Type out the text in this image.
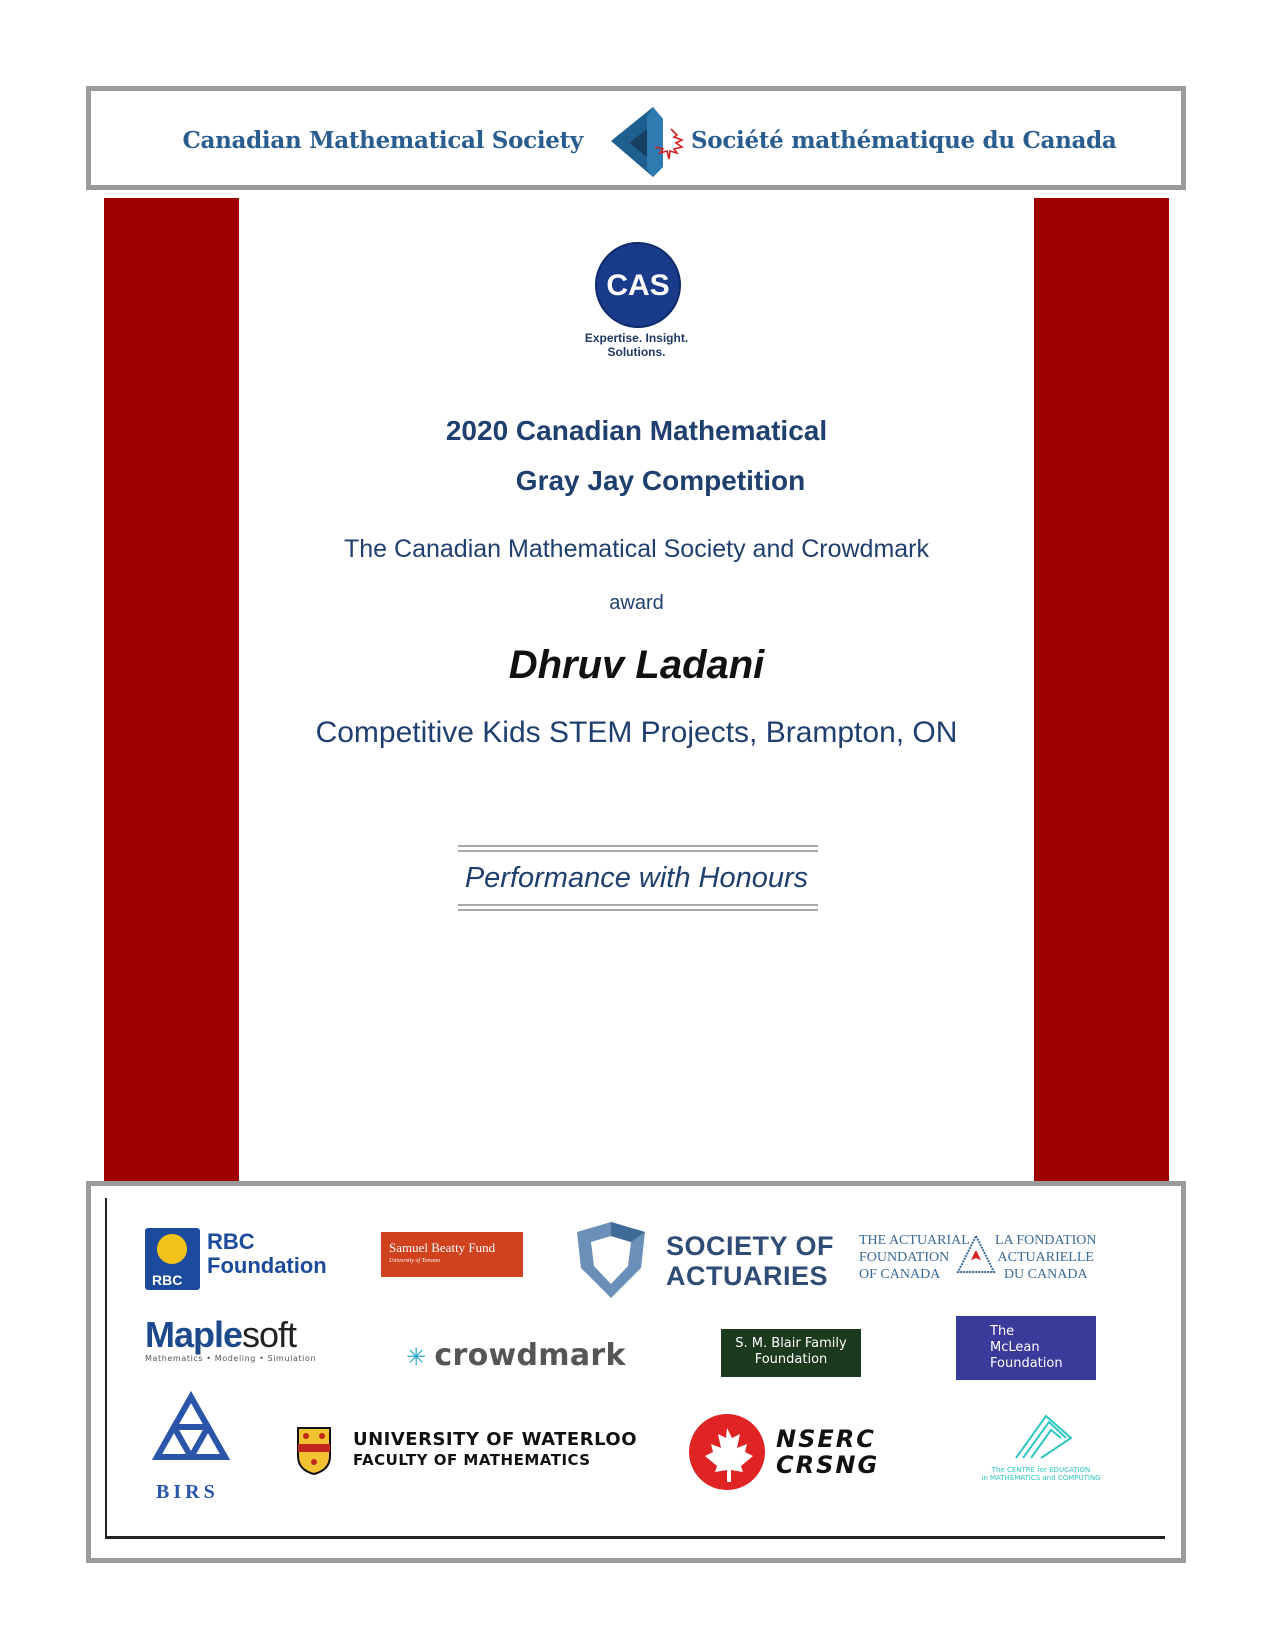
Canadian Mathematical Society	Société mathématique du Canada
CAS
Expertise. Insight.
Solutions.
2020 Canadian Mathematical
Gray Jay Competition
The Canadian Mathematical Society and Crowdmark
award
Dhruv Ladani
Competitive Kids STEM Projects, Brampton, ON
Performance with Honours
RBC
RBC
Foundation
Samuel Beatty Fund
University of Toronto	SOCIETY OF
ACTUARIES
THE ACTUARIAL
FOUNDATION
OF CANADA
LA FONDATION
ACTUARIELLE
DU CANADA
Maplesoft
Mathematics • Modeling • Simulation	✳ crowdmark	S. M. Blair Family
Foundation
The
McLean
Foundation
BIRS
UNIVERSITY OF WATERLOO
FACULTY OF MATHEMATICS
NSERC
CRSNG	The CENTRE for EDUCATION
in MATHEMATICS and COMPUTING
